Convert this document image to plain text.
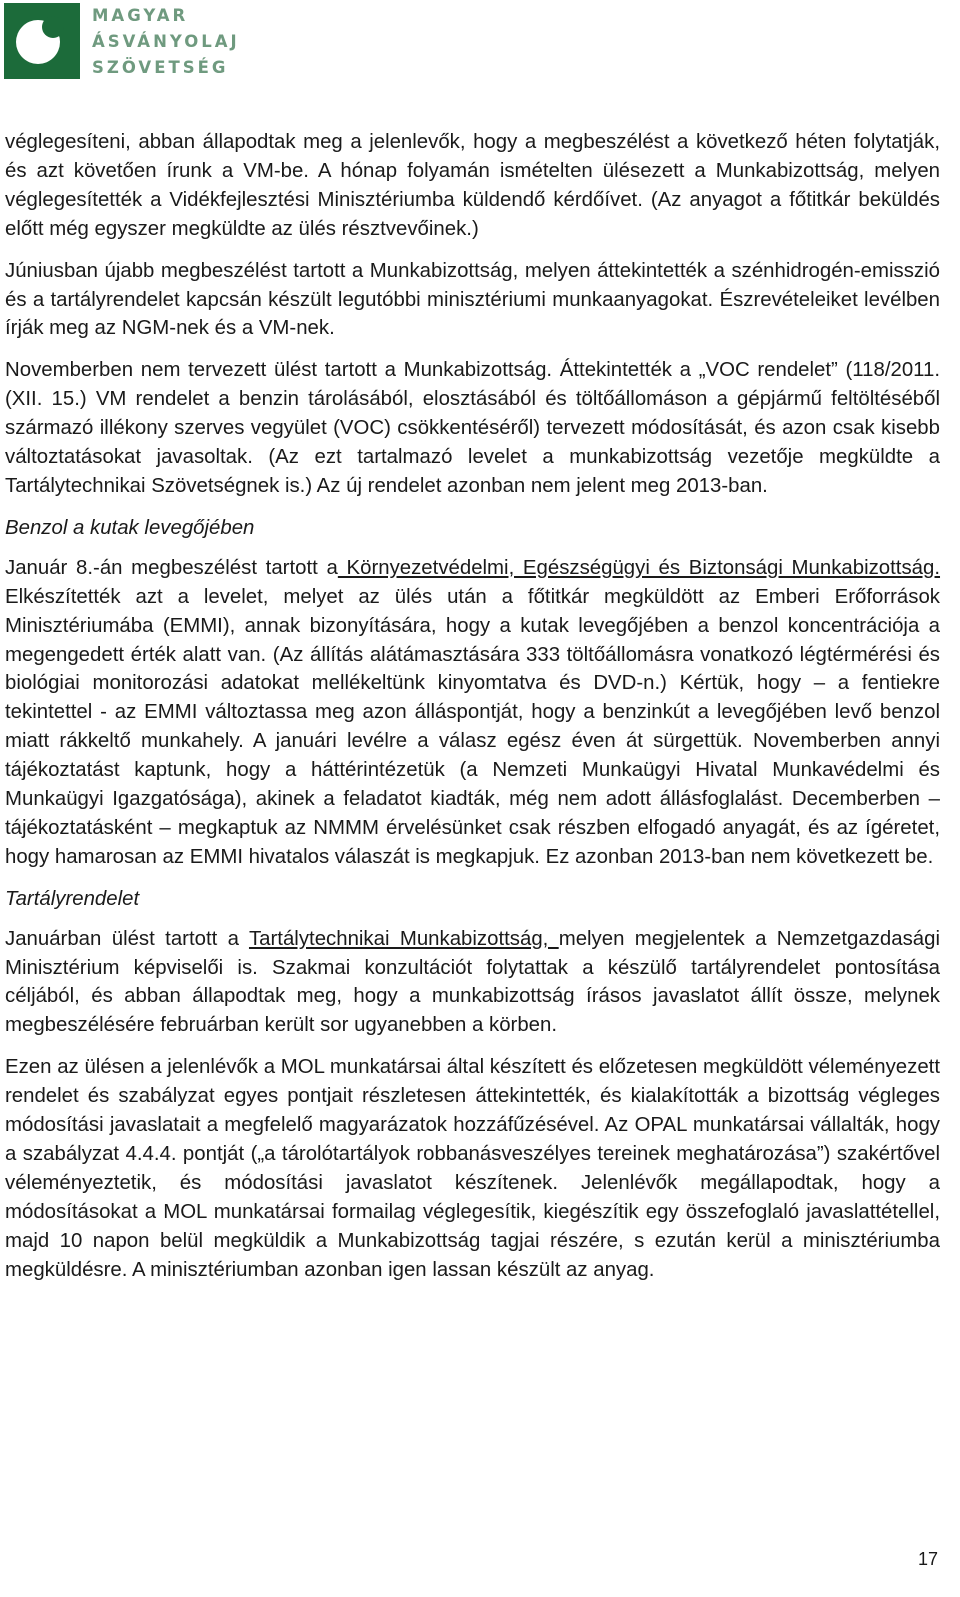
MAGYAR
ÁSVÁNYOLAJ
SZÖVETSÉG

véglegesíteni, abban állapodtak meg a jelenlevők, hogy a megbeszélést a következő héten folytatják, és azt követően írunk a VM-be. A hónap folyamán ismételten ülésezett a Munkabizottság, melyen véglegesítették a Vidékfejlesztési Minisztériumba küldendő kérdőívet. (Az anyagot a főtitkár beküldés előtt még egyszer megküldte az ülés résztvevőinek.)

Júniusban újabb megbeszélést tartott a Munkabizottság, melyen áttekintették a szénhidrogén-emisszió és a tartályrendelet kapcsán készült legutóbbi minisztériumi munkaanyagokat. Észrevételeiket levélben írják meg az NGM-nek és a VM-nek.

Novemberben nem tervezett ülést tartott a Munkabizottság. Áttekintették a „VOC rendelet” (118/2011. (XII. 15.) VM rendelet a benzin tárolásából, elosztásából és töltőállomáson a gépjármű feltöltéséből származó illékony szerves vegyület (VOC) csökkentéséről) tervezett módosítását, és azon csak kisebb változtatásokat javasoltak. (Az ezt tartalmazó levelet a munkabizottság vezetője megküldte a Tartálytechnikai Szövetségnek is.) Az új rendelet azonban nem jelent meg 2013-ban.

Benzol a kutak levegőjében

Január 8.-án megbeszélést tartott a Környezetvédelmi, Egészségügyi és Biztonsági Munkabizottság. Elkészítették azt a levelet, melyet az ülés után a főtitkár megküldött az Emberi Erőforrások Minisztériumába (EMMI), annak bizonyítására, hogy a kutak levegőjében a benzol koncentrációja a megengedett érték alatt van. (Az állítás alátámasztására 333 töltőállomásra vonatkozó légtérmérési és biológiai monitorozási adatokat mellékeltünk kinyomtatva és DVD-n.) Kértük, hogy – a fentiekre tekintettel - az EMMI változtassa meg azon álláspontját, hogy a benzinkút a levegőjében levő benzol miatt rákkeltő munkahely. A januári levélre a válasz egész éven át sürgettük. Novemberben annyi tájékoztatást kaptunk, hogy a háttérintézetük (a Nemzeti Munkaügyi Hivatal Munkavédelmi és Munkaügyi Igazgatósága), akinek a feladatot kiadták, még nem adott állásfoglalást. Decemberben – tájékoztatásként – megkaptuk az NMMM érvelésünket csak részben elfogadó anyagát, és az ígéretet, hogy hamarosan az EMMI hivatalos válaszát is megkapjuk. Ez azonban 2013-ban nem következett be.

Tartályrendelet

Januárban ülést tartott a Tartálytechnikai Munkabizottság, melyen megjelentek a Nemzetgazdasági Minisztérium képviselői is. Szakmai konzultációt folytattak a készülő tartályrendelet pontosítása céljából, és abban állapodtak meg, hogy a munkabizottság írásos javaslatot állít össze, melynek megbeszélésére februárban került sor ugyanebben a körben.

Ezen az ülésen a jelenlévők a MOL munkatársai által készített és előzetesen megküldött véleményezett rendelet és szabályzat egyes pontjait részletesen áttekintették, és kialakították a bizottság végleges módosítási javaslatait a megfelelő magyarázatok hozzáfűzésével. Az OPAL munkatársai vállalták, hogy a szabályzat 4.4.4. pontját („a tárolótartályok robbanásveszélyes tereinek meghatározása”) szakértővel véleményeztetik, és módosítási javaslatot készítenek. Jelenlévők megállapodtak, hogy a módosításokat a MOL munkatársai formailag véglegesítik, kiegészítik egy összefoglaló javaslattétellel, majd 10 napon belül megküldik a Munkabizottság tagjai részére, s ezután kerül a minisztériumba megküldésre. A minisztériumban azonban igen lassan készült az anyag.

17
